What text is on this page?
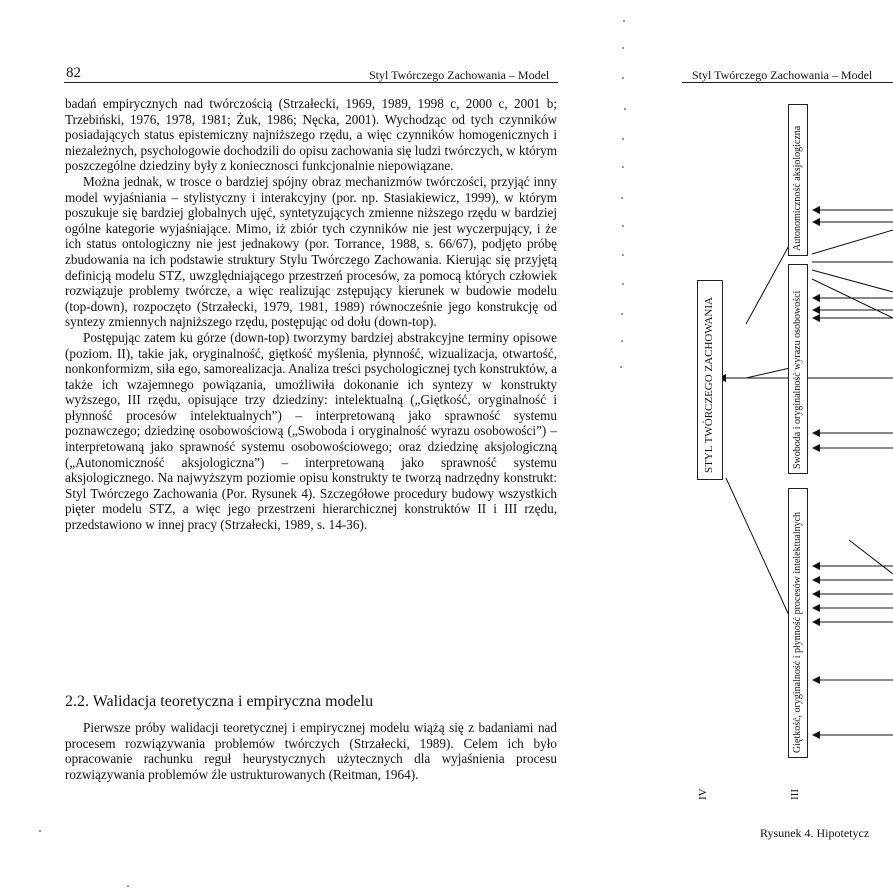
82	Styl Twórczego Zachowania – Model

badań empirycznych nad twórczością (Strzałecki, 1969, 1989, 1998 c, 2000 c, 2001 b; Trzebiński, 1976, 1978, 1981; Żuk, 1986; Nęcka, 2001). Wychodząc od tych czynników posiadających status epistemiczny najniższego rzędu, a więc czynników homogenicznych i niezależnych, psychologowie dochodzili do opisu zachowania się ludzi twórczych, w którym poszczególne dziedziny były z koniecznosci funkcjonalnie niepowiązane.

Można jednak, w trosce o bardziej spójny obraz mechanizmów twórczości, przyjąć inny model wyjaśniania – stylistyczny i interakcyjny (por. np. Stasiakiewicz, 1999), w którym poszukuje się bardziej globalnych ujęć, syntetyzujących zmienne niższego rzędu w bardziej ogólne kategorie wyjaśniające. Mimo, iż zbiór tych czynników nie jest wyczerpujący, i że ich status ontologiczny nie jest jednakowy (por. Torrance, 1988, s. 66/67), podjęto próbę zbudowania na ich podstawie struktury Stylu Twórczego Zachowania. Kierując się przyjętą definicją modelu STZ, uwzględniającego przestrzeń procesów, za pomocą których człowiek rozwiązuje problemy twórcze, a więc realizując zstępujący kierunek w budowie modelu (top-down), rozpoczęto (Strzałecki, 1979, 1981, 1989) równocześnie jego konstrukcję od syntezy zmiennych najniższego rzędu, postępując od dołu (down-top).

Postępując zatem ku górze (down-top) tworzymy bardziej abstrakcyjne terminy opisowe (poziom. II), takie jak, oryginalność, giętkość myślenia, płynność, wizualizacja, otwartość, nonkonformizm, siła ego, samorealizacja. Analiza treści psychologicznej tych konstruktów, a także ich wzajemnego powiązania, umożliwiła dokonanie ich syntezy w konstrukty wyższego, III rzędu, opisujące trzy dziedziny: intelektualną („Giętkość, oryginalność i płynność procesów intelektualnych”) – interpretowaną jako sprawność systemu poznawczego; dziedzinę osobowościową („Swoboda i oryginalność wyrazu osobowości”) – interpretowaną jako sprawność systemu osobowościowego; oraz dziedzinę aksjologiczną („Autonomiczność aksjologiczna”) – interpretowaną jako sprawność systemu aksjologicznego. Na najwyższym poziomie opisu konstrukty te tworzą nadrzędny konstrukt: Styl Twórczego Zachowania (Por. Rysunek 4). Szczegółowe procedury budowy wszystkich pięter modelu STZ, a więc jego przestrzeni hierarchicznej konstruktów II i III rzędu, przedstawiono w innej pracy (Strzałecki, 1989, s. 14-36).

2.2. Walidacja teoretyczna i empiryczna modelu

Pierwsze próby walidacji teoretycznej i empirycznej modelu wiążą się z badaniami nad procesem rozwiązywania problemów twórczych (Strzałecki, 1989). Celem ich było opracowanie rachunku reguł heurystycznych użytecznych dla wyjaśnienia procesu rozwiązywania problemów źle ustrukturowanych (Reitman, 1964).

Styl Twórczego Zachowania – Model
STYL TWÓRCZEGO ZACHOWANIA
Autonomiczność aksjologiczna
Swoboda i oryginalność wyrazu osobowości
Giętkość, oryginalność i płynność procesów intelektualnych
IV	III
Rysunek 4. Hipotetycz
